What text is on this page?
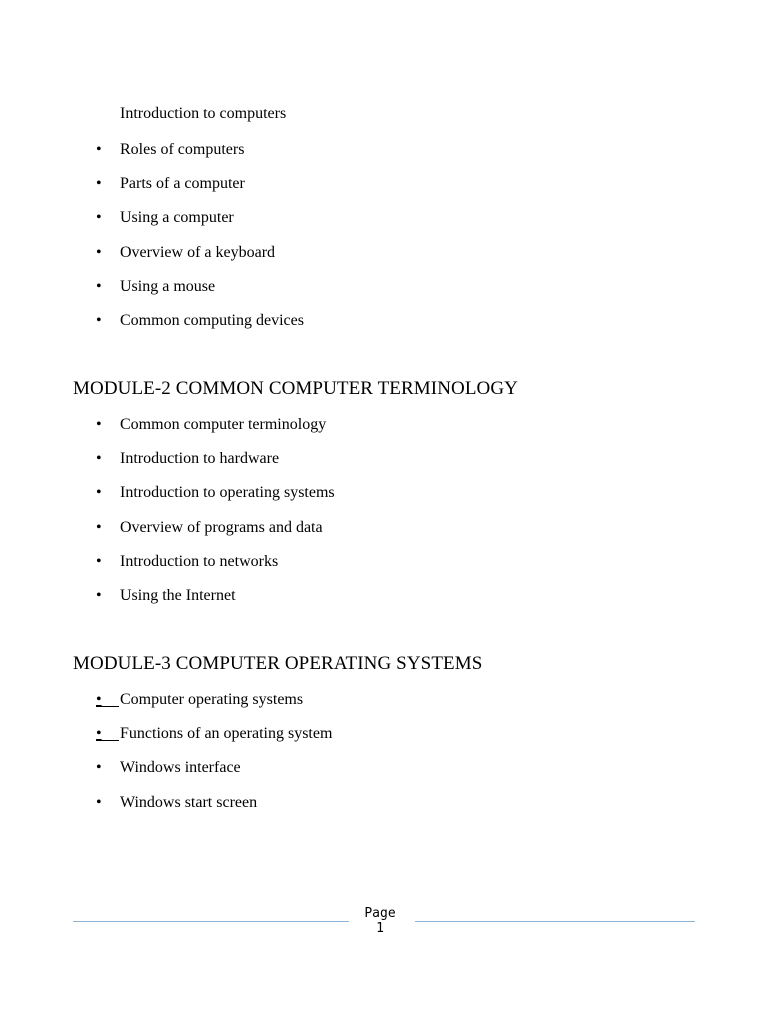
Introduction to computers
• Roles of computers
• Parts of a computer
• Using a computer
• Overview of a keyboard
• Using a mouse
• Common computing devices
MODULE-2 COMMON COMPUTER TERMINOLOGY
• Common computer terminology
• Introduction to hardware
• Introduction to operating systems
• Overview of programs and data
• Introduction to networks
• Using the Internet
MODULE-3 COMPUTER OPERATING SYSTEMS
•	Computer operating systems
•	Functions of an operating system
• Windows interface
• Windows start screen
Page
1
